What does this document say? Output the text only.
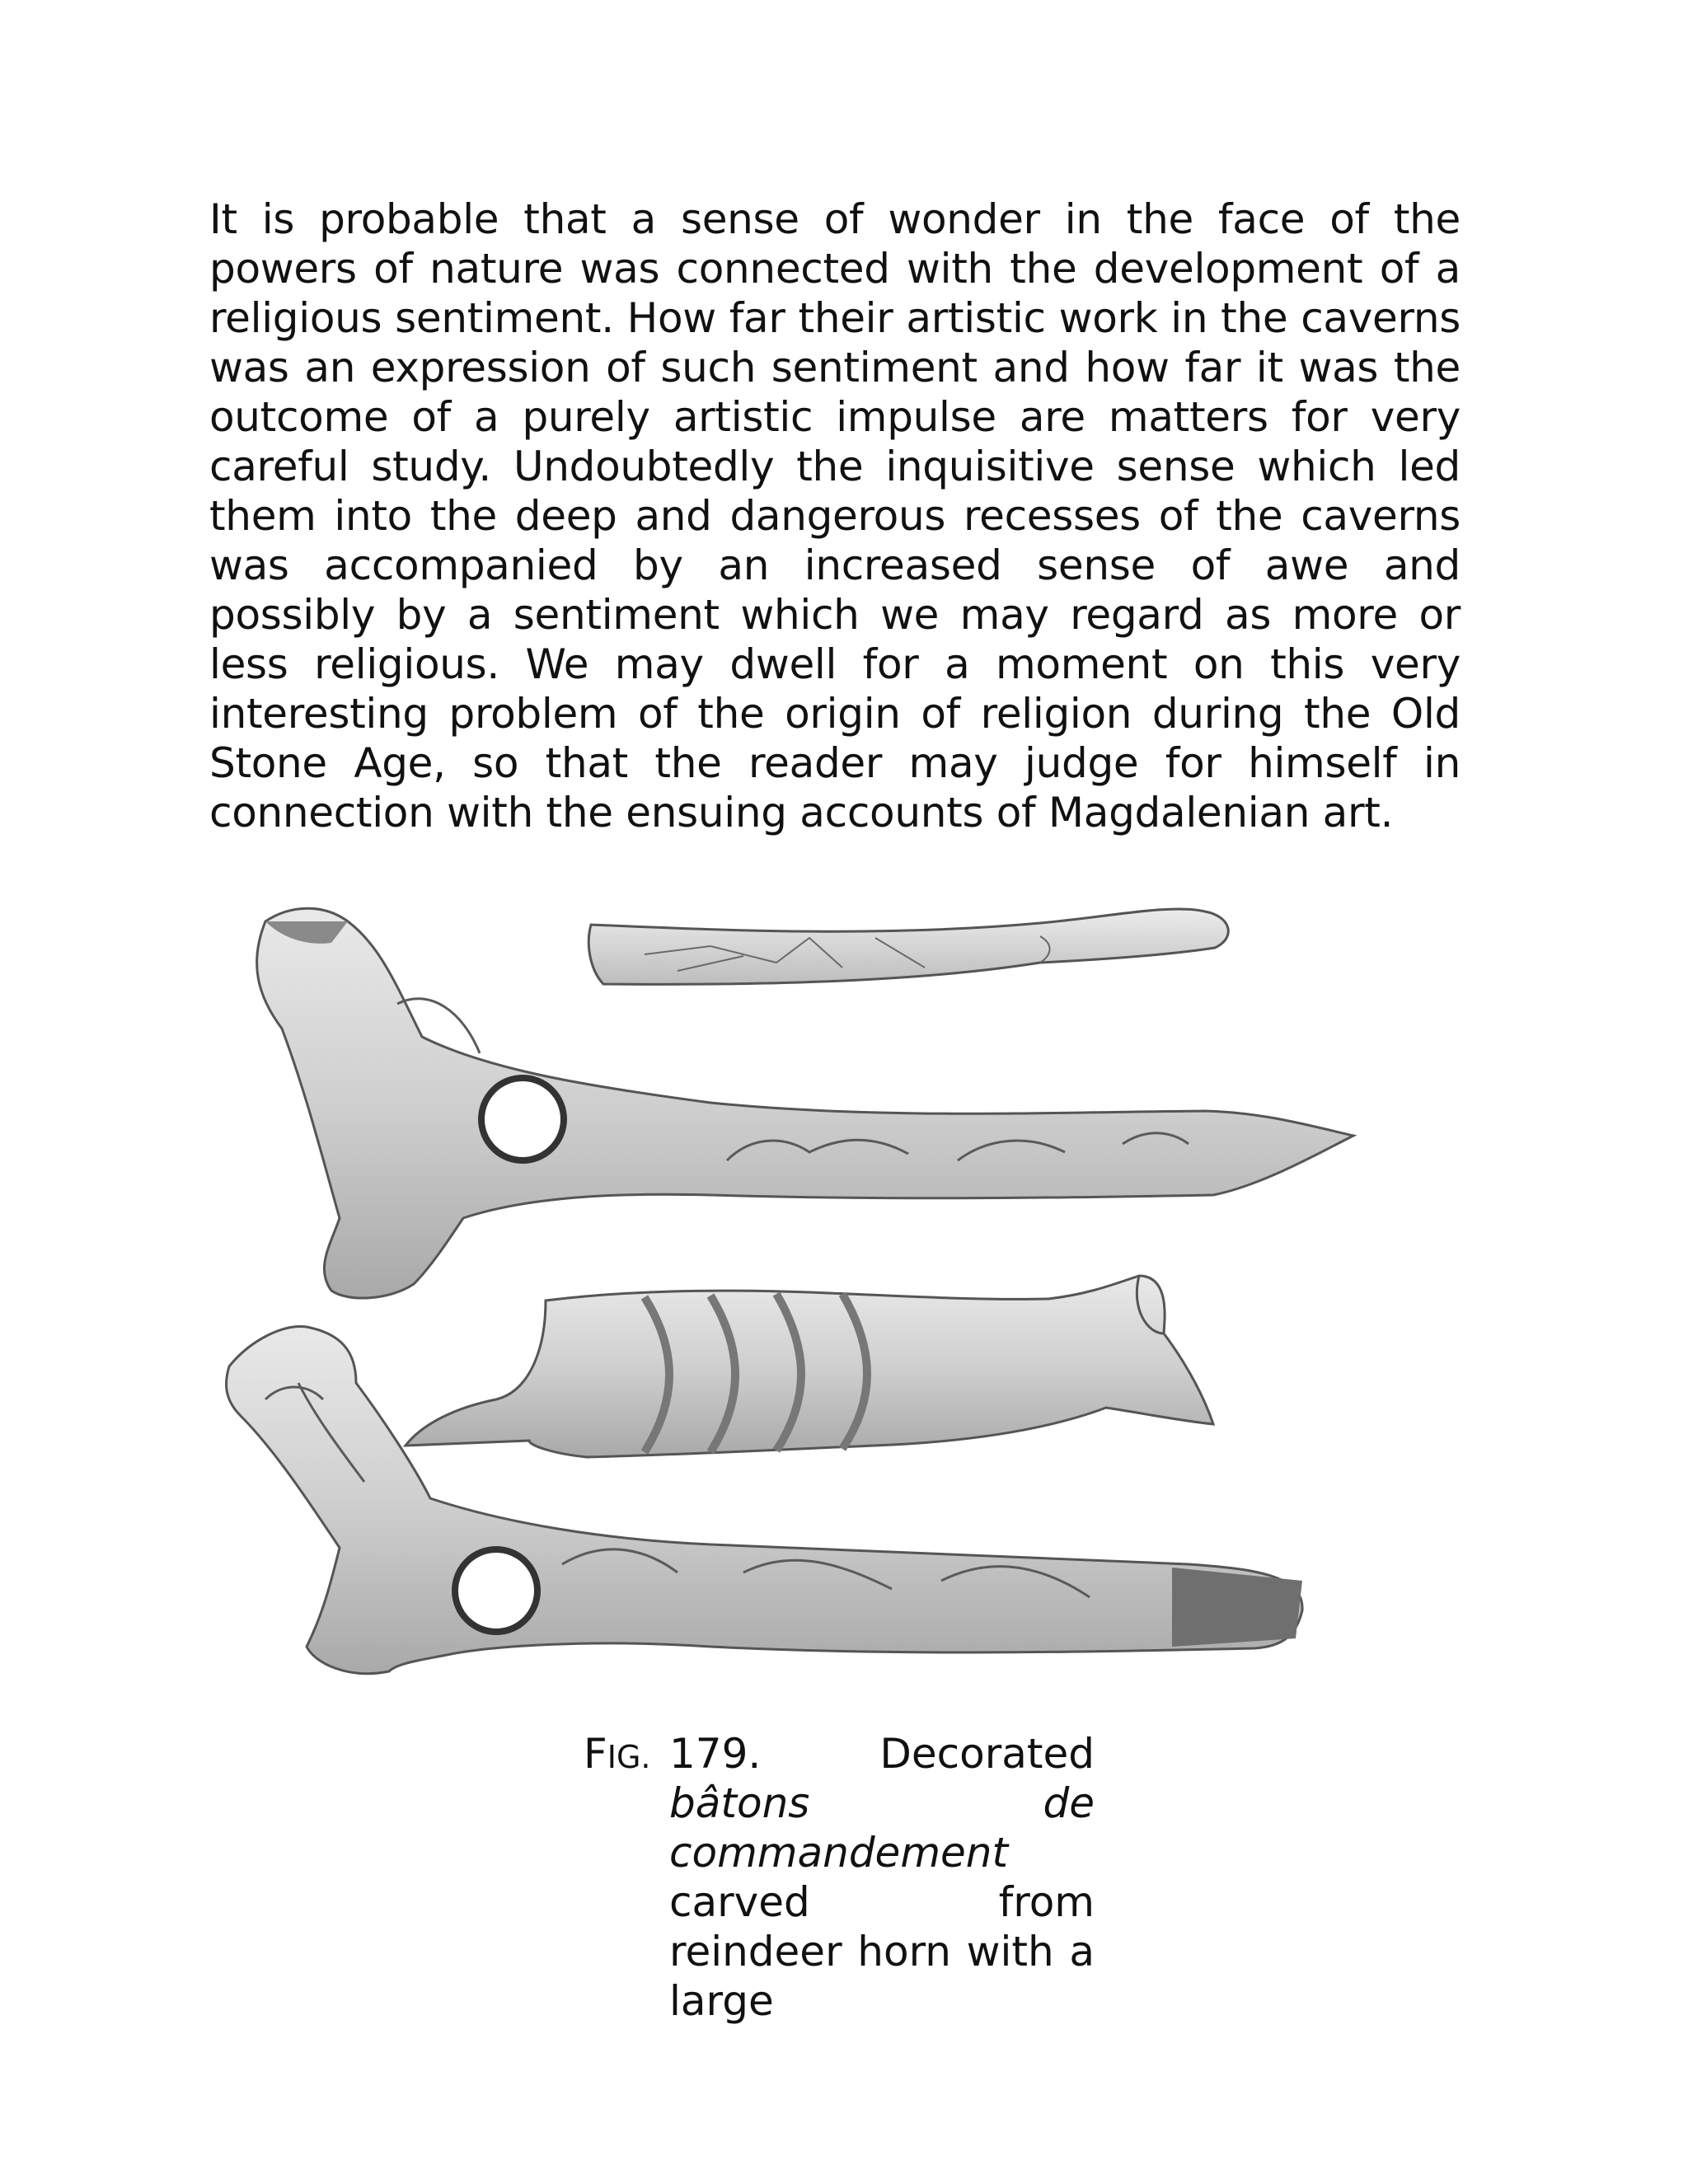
It is probable that a sense of wonder in the face of the powers of nature was connected with the development of a religious sentiment. How far their artistic work in the caverns was an expression of such sentiment and how far it was the outcome of a purely artistic impulse are matters for very careful study. Undoubtedly the inquisitive sense which led them into the deep and dangerous recesses of the caverns was accompanied by an increased sense of awe and possibly by a sentiment which we may regard as more or less religious. We may dwell for a moment on this very interesting problem of the origin of religion during the Old Stone Age, so that the reader may judge for himself in connection with the ensuing accounts of Magdalenian art.

FIG. 179.	Decorated bâtons de commandement carved from reindeer horn with a large
